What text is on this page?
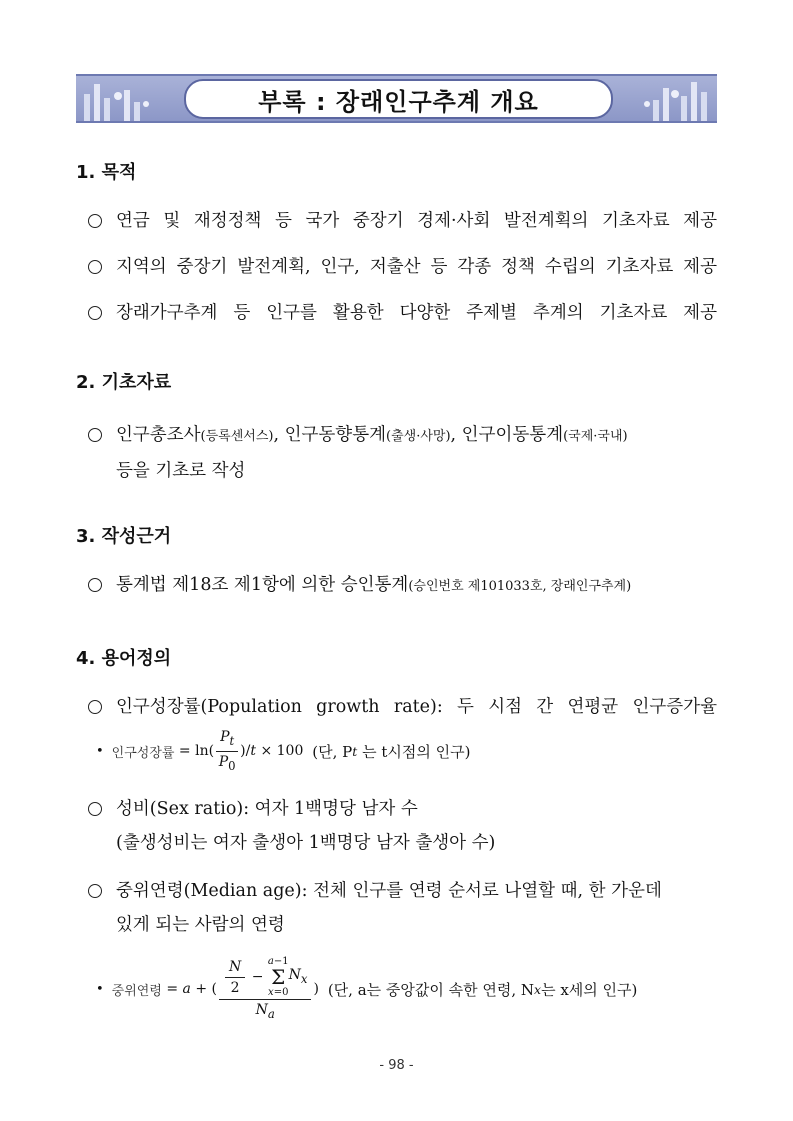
부록 : 장래인구추계 개요
1. 목적
연금 및 재정정책 등 국가 중장기 경제·사회 발전계획의 기초자료 제공
지역의 중장기 발전계획, 인구, 저출산 등 각종 정책 수립의 기초자료 제공
장래가구추계 등 인구를 활용한 다양한 주제별 추계의 기초자료 제공
2. 기초자료
인구총조사(등록센서스), 인구동향통계(출생·사망), 인구이동통계(국제·국내)
등을 기초로 작성
3. 작성근거
통계법 제18조 제1항에 의한 승인통계(승인번호 제101033호, 장래인구추계)
4. 용어정의
인구성장률(Population growth rate): 두 시점 간 연평균 인구증가율
• 인구성장률 = $\ln( \frac{P_t}{P_0} )/t \times 100$ (단, P t
는 t시점의 인구)
성비(Sex ratio): 여자 1백명당 남자 수
(출생성비는 여자 출생아 1백명당 남자 출생아 수)
중위연령(Median age): 전체 인구를 연령 순서로 나열할 때, 한 가운데
있게 되는 사람의 연령
• 중위연령 = a + ( $\frac{N}{2}$ −
a−1
Σ
x=0
$N_x$
$N_a$ ) (단, a는 중앙값이 속한 연령, N x 는 x세의 인구)
- 98 -
